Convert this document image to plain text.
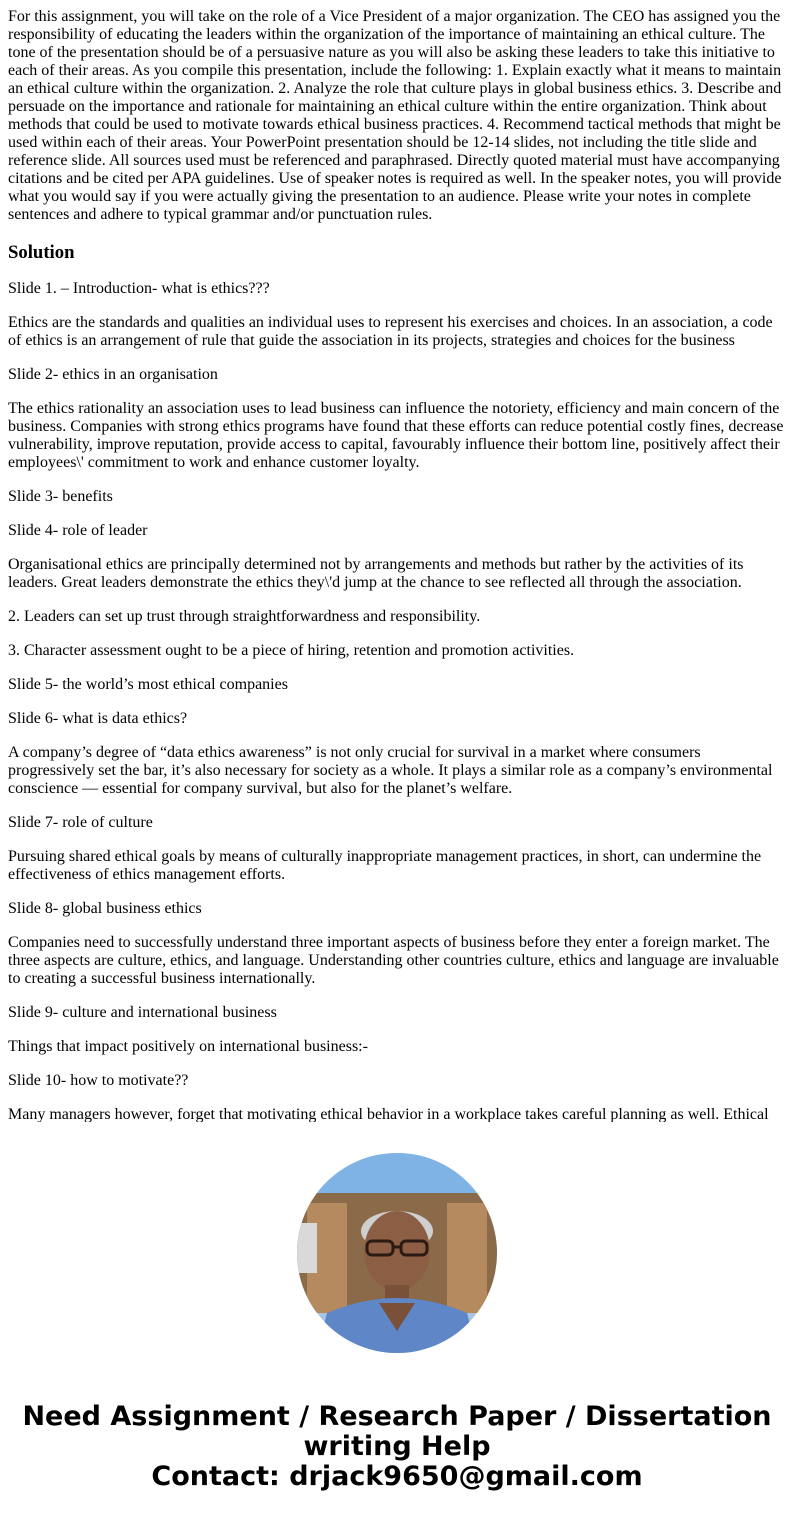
For this assignment, you will take on the role of a Vice President of a major organization. The CEO has assigned you the responsibility of educating the leaders within the organization of the importance of maintaining an ethical culture. The tone of the presentation should be of a persuasive nature as you will also be asking these leaders to take this initiative to each of their areas. As you compile this presentation, include the following: 1. Explain exactly what it means to maintain an ethical culture within the organization. 2. Analyze the role that culture plays in global business ethics. 3. Describe and persuade on the importance and rationale for maintaining an ethical culture within the entire organization. Think about methods that could be used to motivate towards ethical business practices. 4. Recommend tactical methods that might be used within each of their areas. Your PowerPoint presentation should be 12-14 slides, not including the title slide and reference slide. All sources used must be referenced and paraphrased. Directly quoted material must have accompanying citations and be cited per APA guidelines. Use of speaker notes is required as well. In the speaker notes, you will provide what you would say if you were actually giving the presentation to an audience. Please write your notes in complete sentences and adhere to typical grammar and/or punctuation rules.

Solution

Slide 1. – Introduction- what is ethics???

Ethics are the standards and qualities an individual uses to represent his exercises and choices. In an association, a code of ethics is an arrangement of rule that guide the association in its projects, strategies and choices for the business

Slide 2- ethics in an organisation

The ethics rationality an association uses to lead business can influence the notoriety, efficiency and main concern of the business. Companies with strong ethics programs have found that these efforts can reduce potential costly fines, decrease vulnerability, improve reputation, provide access to capital, favourably influence their bottom line, positively affect their employees\' commitment to work and enhance customer loyalty.

Slide 3- benefits

Slide 4- role of leader

Organisational ethics are principally determined not by arrangements and methods but rather by the activities of its leaders. Great leaders demonstrate the ethics they\'d jump at the chance to see reflected all through the association.

2. Leaders can set up trust through straightforwardness and responsibility.

3. Character assessment ought to be a piece of hiring, retention and promotion activities.

Slide 5- the world’s most ethical companies

Slide 6- what is data ethics?

A company’s degree of “data ethics awareness” is not only crucial for survival in a market where consumers progressively set the bar, it’s also necessary for society as a whole. It plays a similar role as a company’s environmental conscience — essential for company survival, but also for the planet’s welfare.

Slide 7- role of culture

Pursuing shared ethical goals by means of culturally inappropriate management practices, in short, can undermine the effectiveness of ethics management efforts.

Slide 8- global business ethics

Companies need to successfully understand three important aspects of business before they enter a foreign market. The three aspects are culture, ethics, and language. Understanding other countries culture, ethics and language are invaluable to creating a successful business internationally.

Slide 9- culture and international business

Things that impact positively on international business:-

Slide 10- how to motivate??

Many managers however, forget that motivating ethical behavior in a workplace takes careful planning as well. Ethical

Need Assignment / Research Paper / Dissertation
writing Help
Contact: drjack9650@gmail.com
